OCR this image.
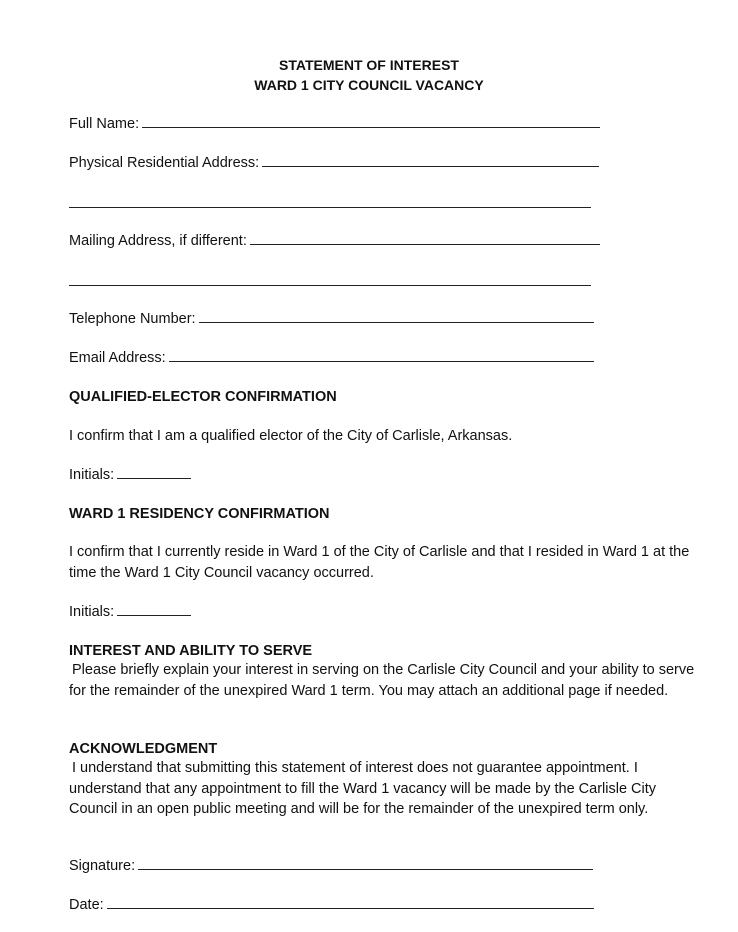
STATEMENT OF INTEREST
WARD 1 CITY COUNCIL VACANCY
Full Name:
Physical Residential Address:
Mailing Address, if different:
Telephone Number:
Email Address:
QUALIFIED-ELECTOR CONFIRMATION
I confirm that I am a qualified elector of the City of Carlisle, Arkansas.
Initials:
WARD 1 RESIDENCY CONFIRMATION
I confirm that I currently reside in Ward 1 of the City of Carlisle and that I resided in Ward 1 at the time the Ward 1 City Council vacancy occurred.
Initials:
INTEREST AND ABILITY TO SERVE
Please briefly explain your interest in serving on the Carlisle City Council and your ability to serve for the remainder of the unexpired Ward 1 term. You may attach an additional page if needed.
ACKNOWLEDGMENT
I understand that submitting this statement of interest does not guarantee appointment. I understand that any appointment to fill the Ward 1 vacancy will be made by the Carlisle City Council in an open public meeting and will be for the remainder of the unexpired term only.
Signature:
Date:
